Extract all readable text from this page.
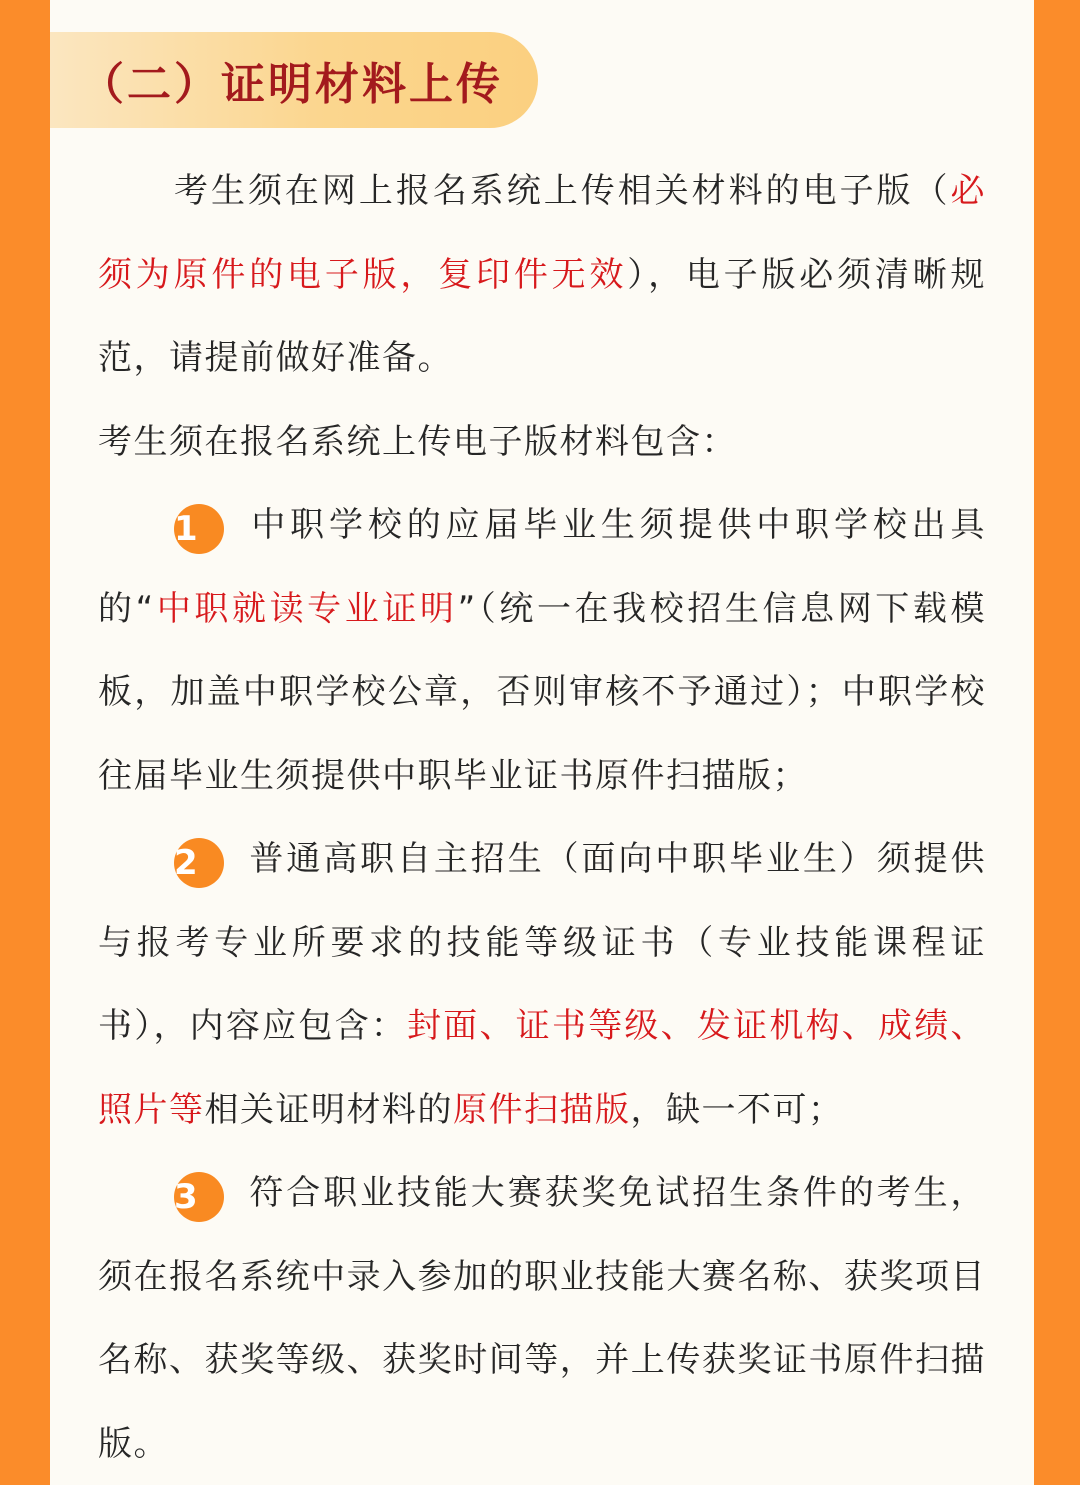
（二）证明材料上传

考生须在网上报名系统上传相关材料的电子版（必须为原件的电子版，复印件无效），电子版必须清晰规范，请提前做好准备。

考生须在报名系统上传电子版材料包含：

1 中职学校的应届毕业生须提供中职学校出具的“中职就读专业证明”（统一在我校招生信息网下载模板，加盖中职学校公章，否则审核不予通过）；中职学校往届毕业生须提供中职毕业证书原件扫描版；

2 普通高职自主招生（面向中职毕业生）须提供与报考专业所要求的技能等级证书（专业技能课程证书），内容应包含：封面、证书等级、发证机构、成绩、照片等相关证明材料的原件扫描版，缺一不可；

3 符合职业技能大赛获奖免试招生条件的考生，须在报名系统中录入参加的职业技能大赛名称、获奖项目名称、获奖等级、获奖时间等，并上传获奖证书原件扫描版。
